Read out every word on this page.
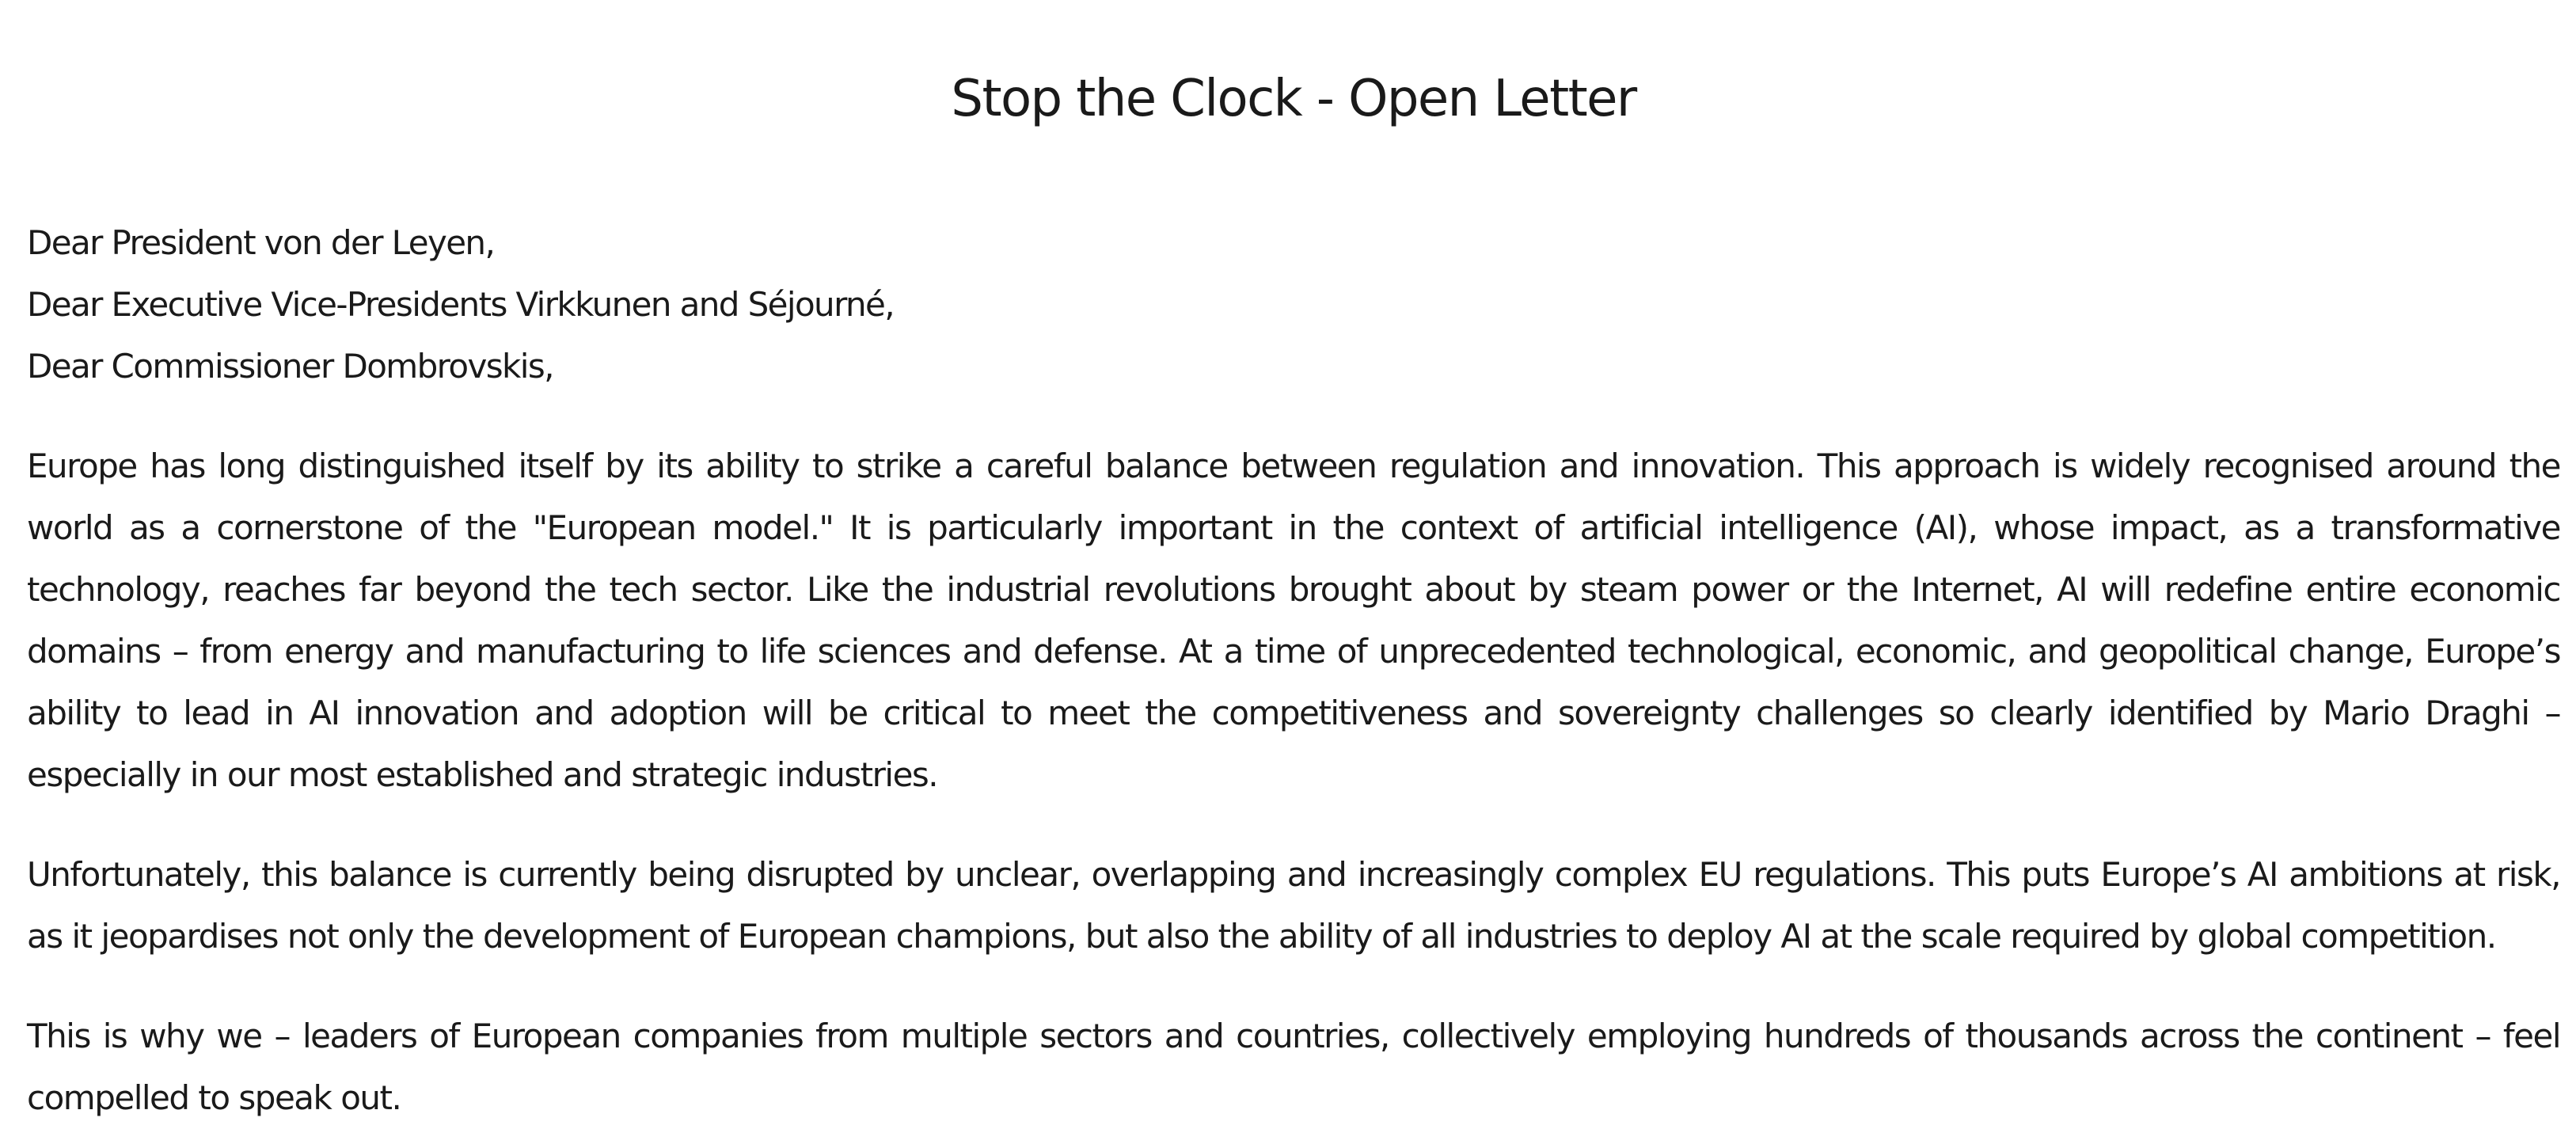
Stop the Clock - Open Letter
Dear President von der Leyen,
Dear Executive Vice-Presidents Virkkunen and Séjourné,
Dear Commissioner Dombrovskis,

Europe has long distinguished itself by its ability to strike a careful balance between regulation and innovation. This approach is widely recognised around the world as a cornerstone of the "European model." It is particularly important in the context of artificial intelligence (AI), whose impact, as a transformative technology, reaches far beyond the tech sector. Like the industrial revolutions brought about by steam power or the Internet, AI will redefine entire economic domains – from energy and manufacturing to life sciences and defense. At a time of unprecedented technological, economic, and geopolitical change, Europe’s ability to lead in AI innovation and adoption will be critical to meet the competitiveness and sovereignty challenges so clearly identified by Mario Draghi – especially in our most established and strategic industries.

Unfortunately, this balance is currently being disrupted by unclear, overlapping and increasingly complex EU regulations. This puts Europe’s AI ambitions at risk, as it jeopardises not only the development of European champions, but also the ability of all industries to deploy AI at the scale required by global competition.

This is why we – leaders of European companies from multiple sectors and countries, collectively employing hundreds of thousands across the continent – feel compelled to speak out.
